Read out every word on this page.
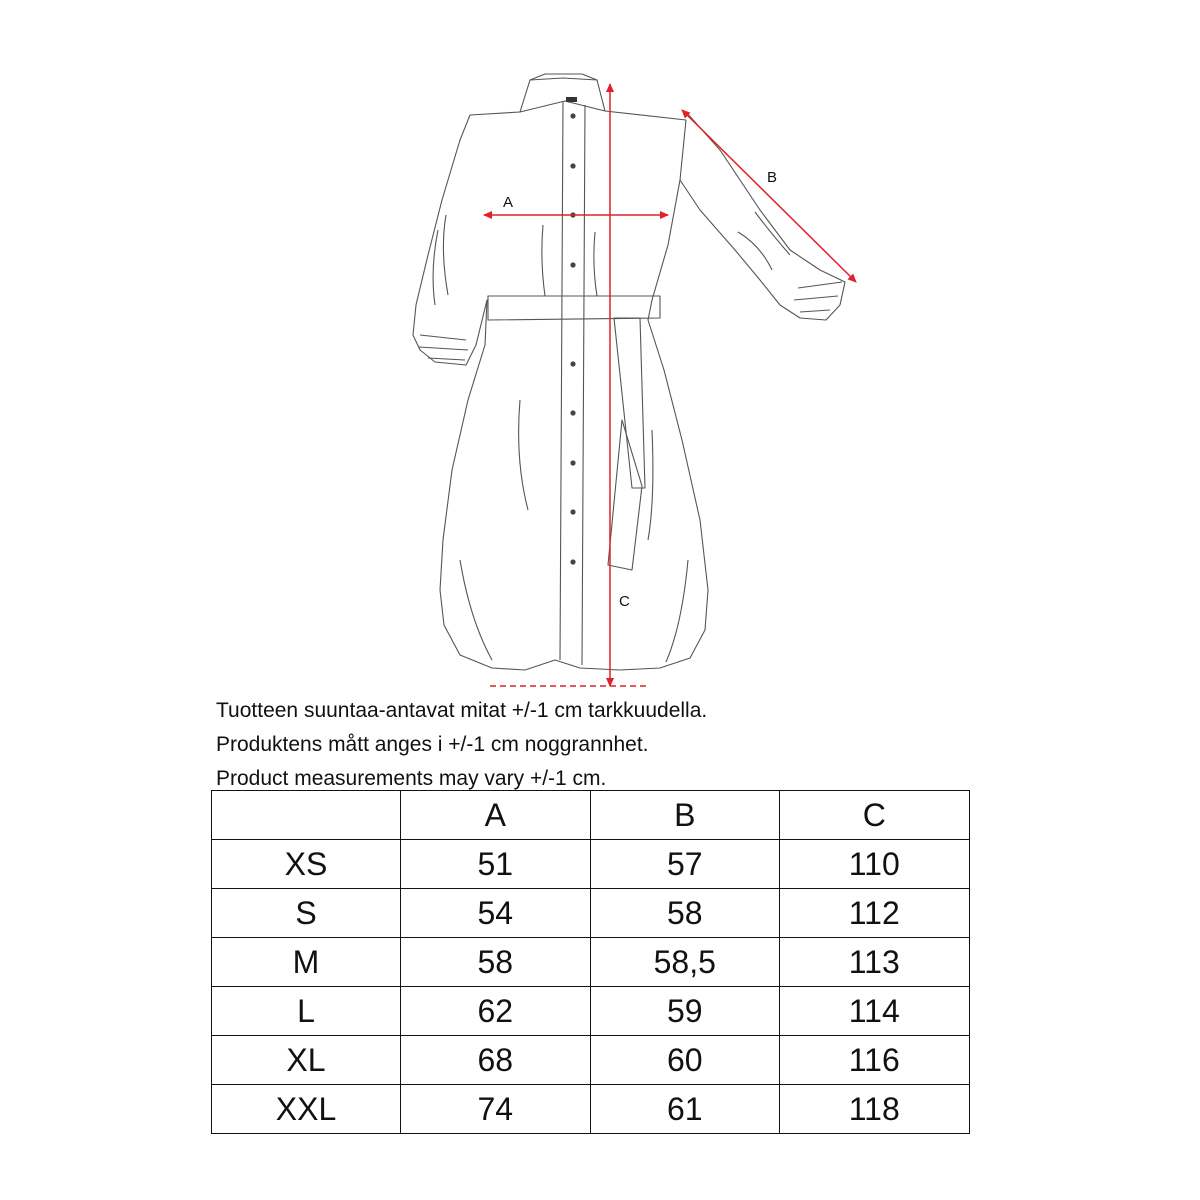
A
B
C
Tuotteen suuntaa-antavat mitat +/-1 cm tarkkuudella.
Produktens mått anges i +/-1 cm noggrannhet.
Product measurements may vary +/-1 cm.
	A	B	C
XS	51	57	110
S	54	58	112
M	58	58,5	113
L	62	59	114
XL	68	60	116
XXL	74	61	118
